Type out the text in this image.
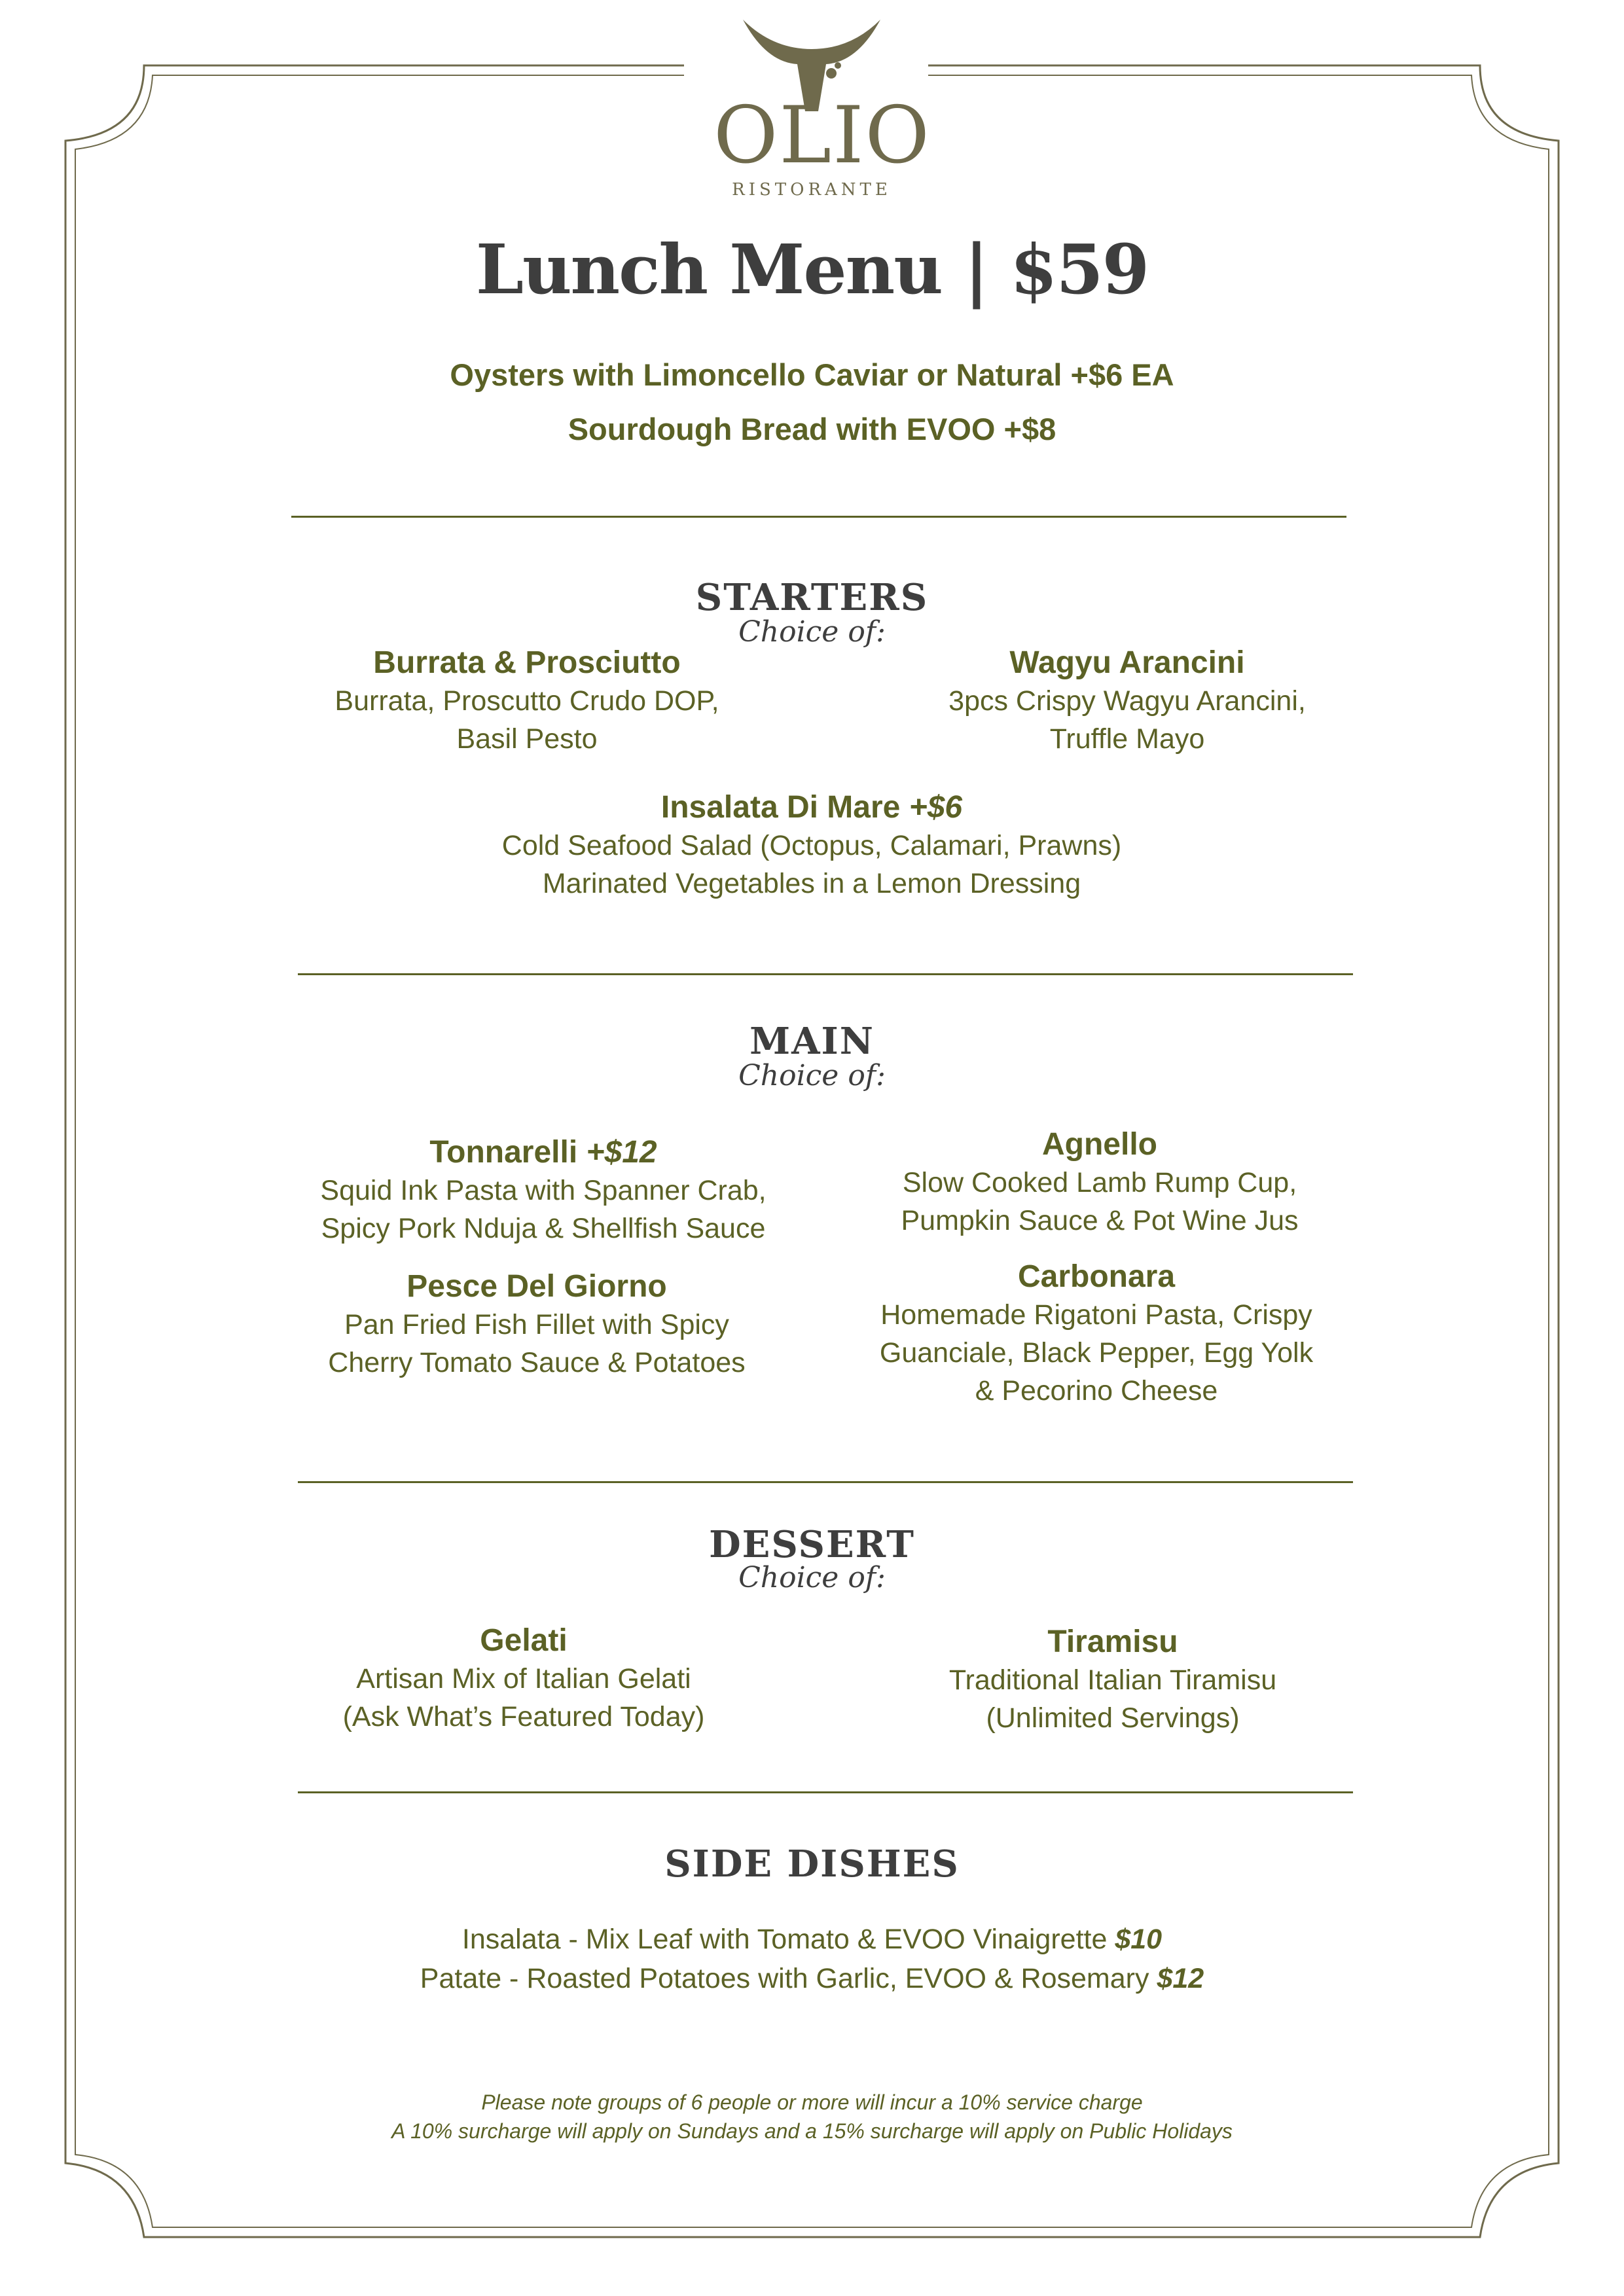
OLIO
RISTORANTE
Lunch Menu | $59
Oysters with Limoncello Caviar or Natural +$6 EA
Sourdough Bread with EVOO +$8
STARTERS
Choice of:
Burrata & Prosciutto
Burrata, Proscutto Crudo DOP,
Basil Pesto
Wagyu Arancini
3pcs Crispy Wagyu Arancini,
Truffle Mayo
Insalata Di Mare +$6
Cold Seafood Salad (Octopus, Calamari, Prawns)
Marinated Vegetables in a Lemon Dressing
MAIN
Choice of:
Tonnarelli +$12
Squid Ink Pasta with Spanner Crab,
Spicy Pork Nduja & Shellfish Sauce
Agnello
Slow Cooked Lamb Rump Cup,
Pumpkin Sauce & Pot Wine Jus
Pesce Del Giorno
Pan Fried Fish Fillet with Spicy
Cherry Tomato Sauce & Potatoes
Carbonara
Homemade Rigatoni Pasta, Crispy
Guanciale, Black Pepper, Egg Yolk
& Pecorino Cheese
DESSERT
Choice of:
Gelati
Artisan Mix of Italian Gelati
(Ask What’s Featured Today)
Tiramisu
Traditional Italian Tiramisu
(Unlimited Servings)
SIDE DISHES
Insalata - Mix Leaf with Tomato & EVOO Vinaigrette $10
Patate - Roasted Potatoes with Garlic, EVOO & Rosemary $12
Please note groups of 6 people or more will incur a 10% service charge
A 10% surcharge will apply on Sundays and a 15% surcharge will apply on Public Holidays
